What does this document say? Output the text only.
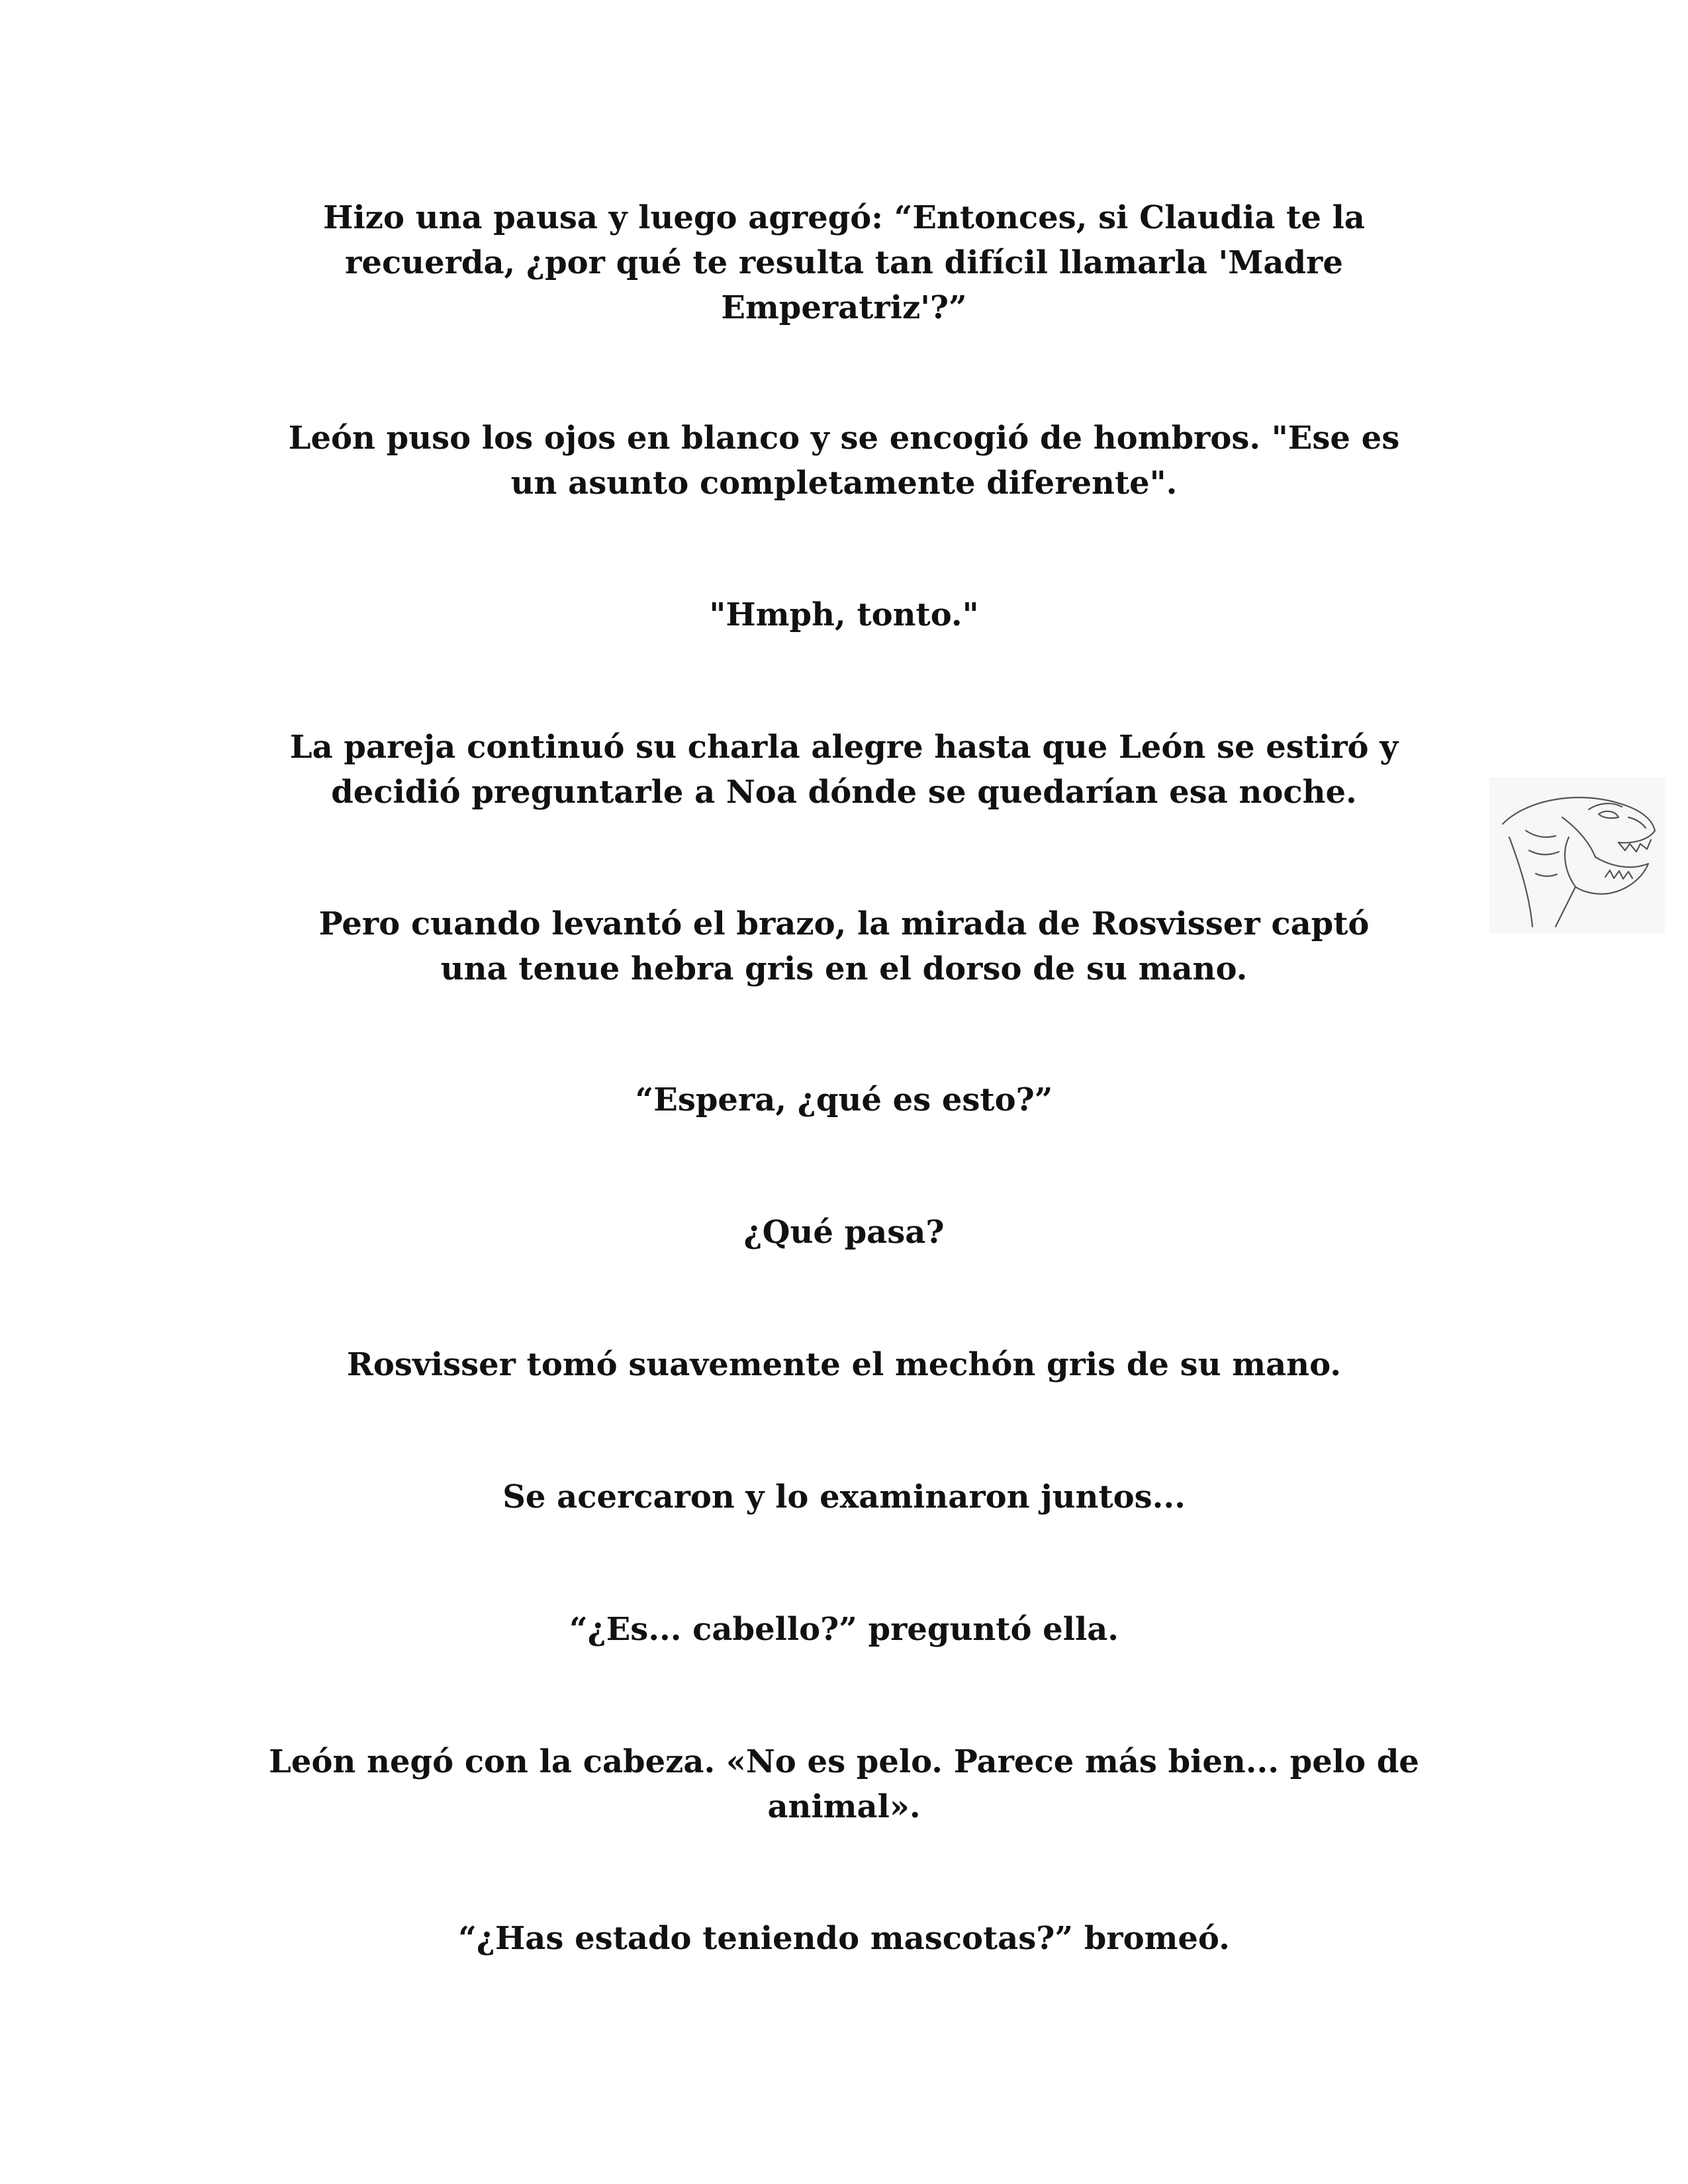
Hizo una pausa y luego agregó: “Entonces, si Claudia te la
recuerda, ¿por qué te resulta tan difícil llamarla 'Madre
Emperatriz'?”

León puso los ojos en blanco y se encogió de hombros. "Ese es
un asunto completamente diferente".

"Hmph, tonto."

La pareja continuó su charla alegre hasta que León se estiró y
decidió preguntarle a Noa dónde se quedarían esa noche.

Pero cuando levantó el brazo, la mirada de Rosvisser captó
una tenue hebra gris en el dorso de su mano.

“Espera, ¿qué es esto?”

¿Qué pasa?

Rosvisser tomó suavemente el mechón gris de su mano.

Se acercaron y lo examinaron juntos...

“¿Es... cabello?” preguntó ella.

León negó con la cabeza. «No es pelo. Parece más bien... pelo de
animal».

“¿Has estado teniendo mascotas?” bromeó.
